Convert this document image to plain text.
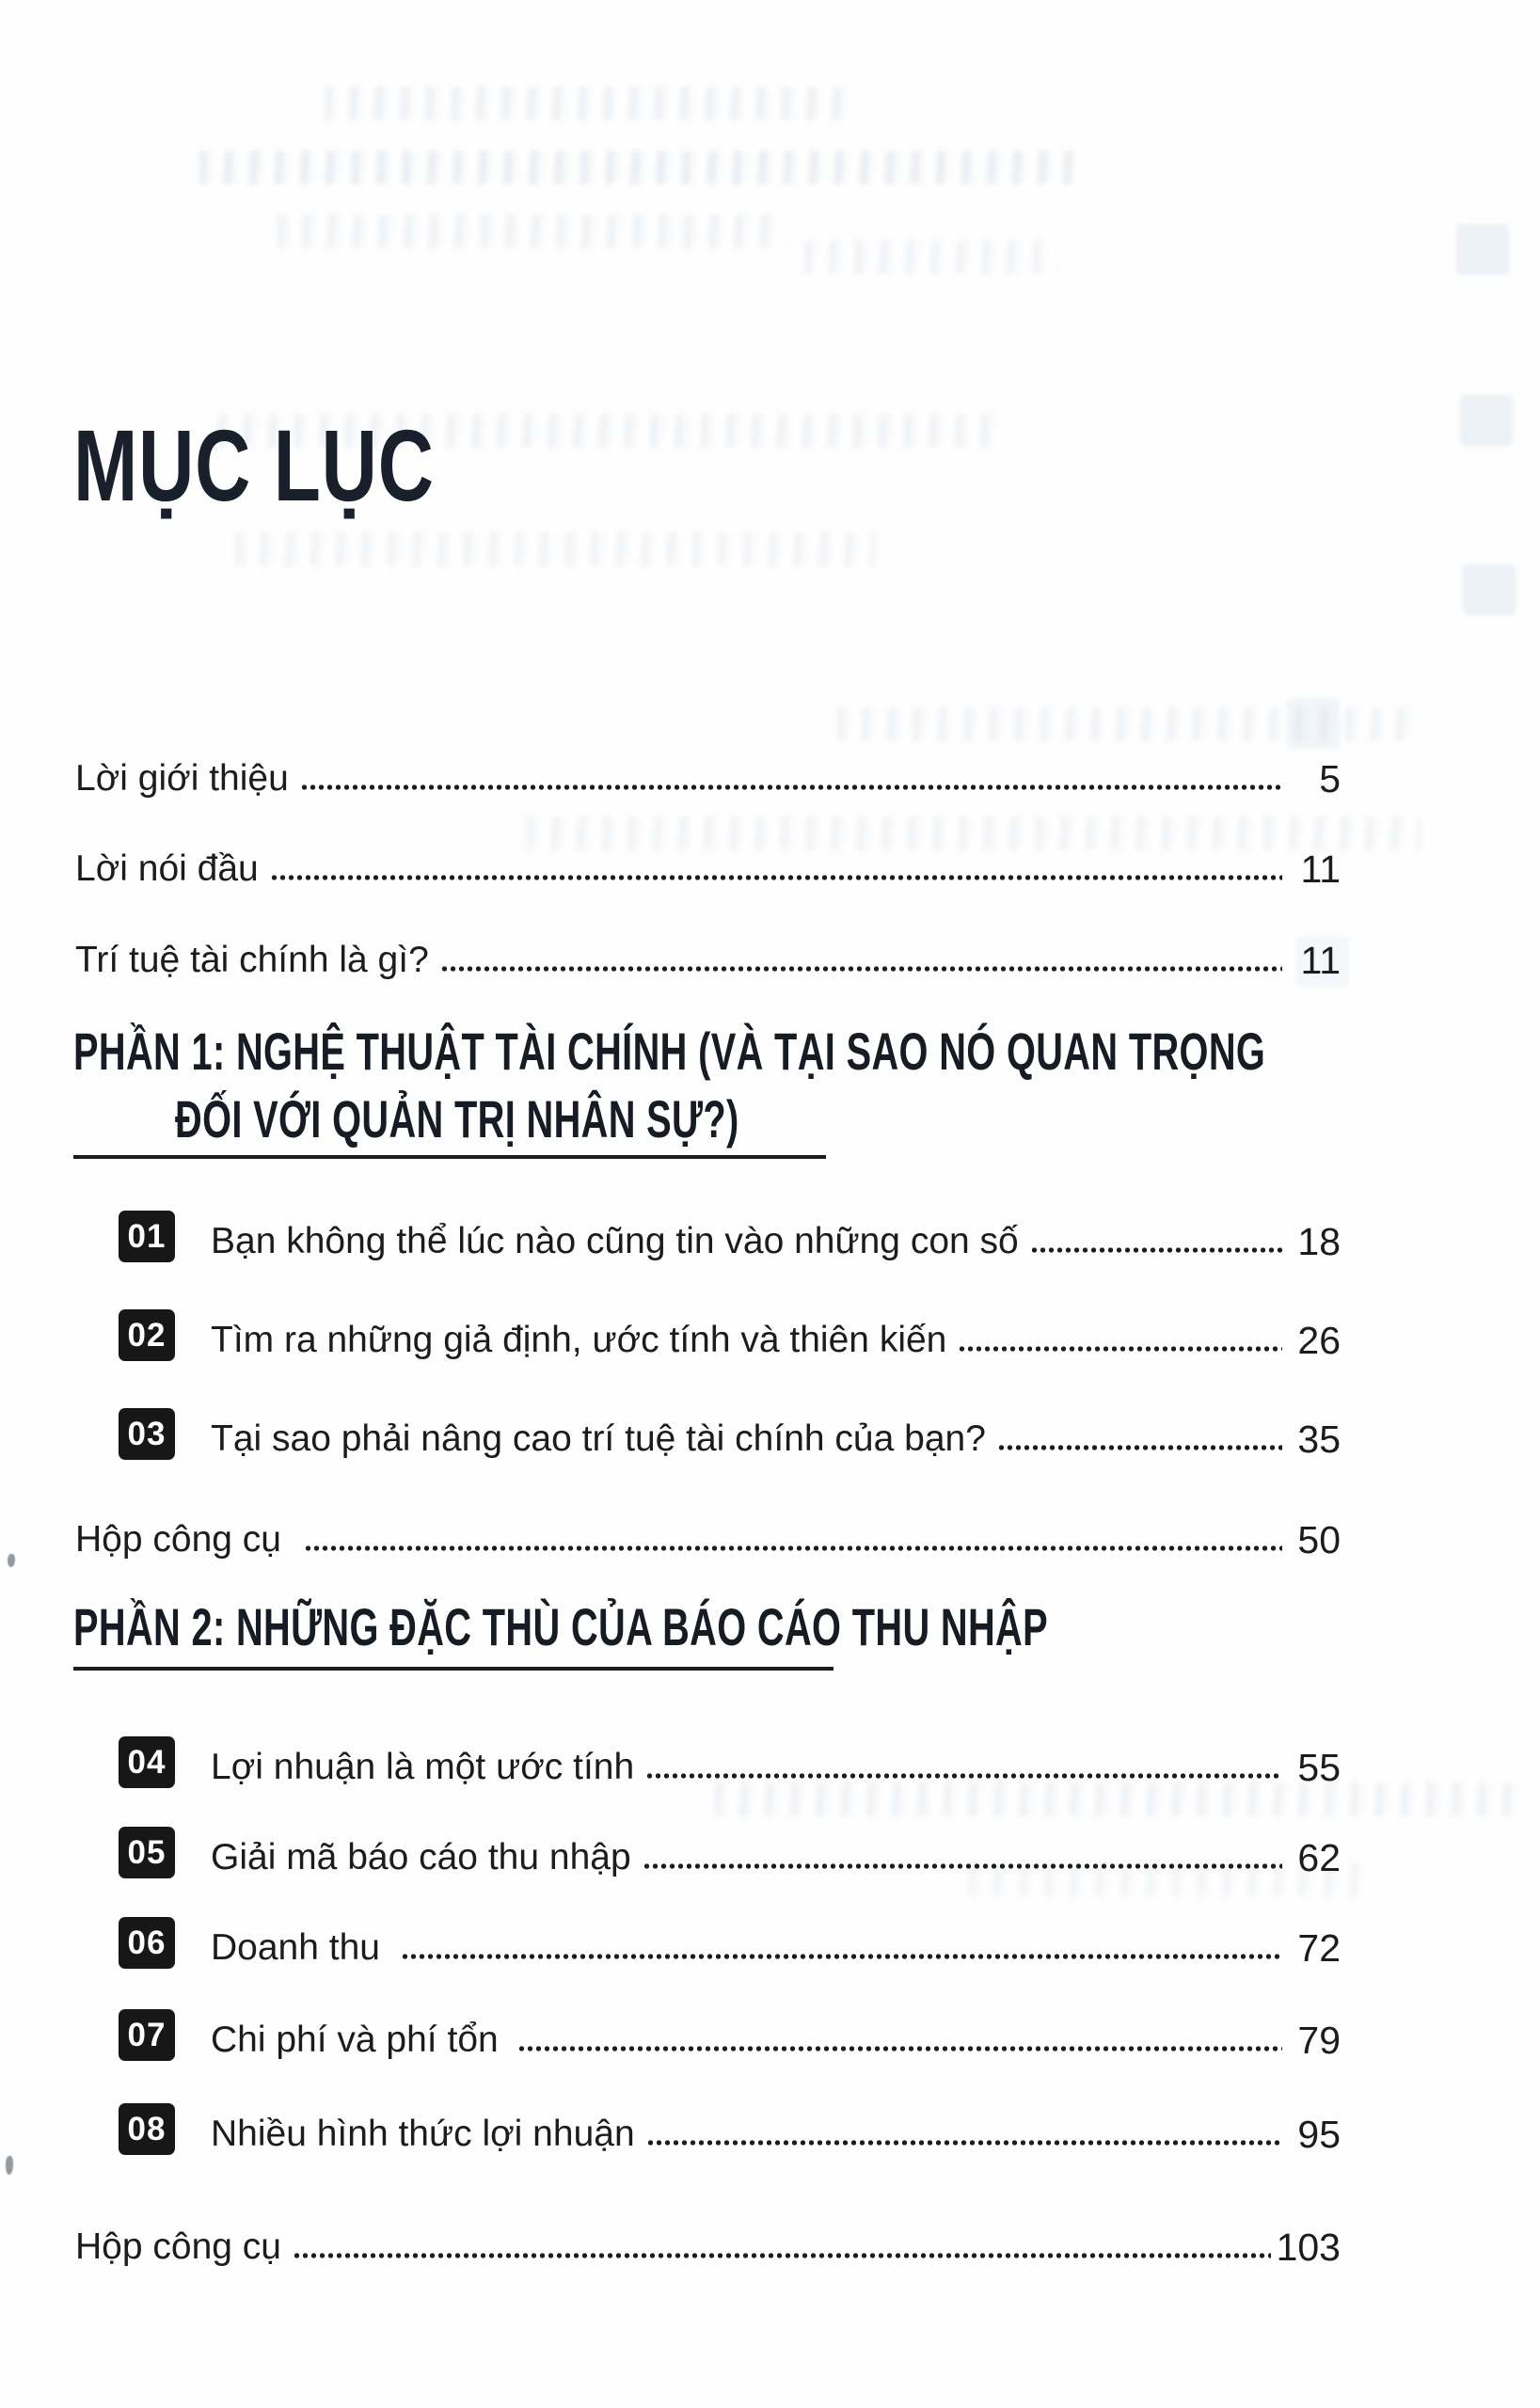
MỤC LỤC
Lời giới thiệu	5
Lời nói đầu	11
Trí tuệ tài chính là gì?	11
PHẦN 1: NGHỆ THUẬT TÀI CHÍNH (VÀ TẠI SAO NÓ QUAN TRỌNG
ĐỐI VỚI QUẢN TRỊ NHÂN SỰ?)
01 Bạn không thể lúc nào cũng tin vào những con số	18
02 Tìm ra những giả định, ước tính và thiên kiến	26
03 Tại sao phải nâng cao trí tuệ tài chính của bạn?	35
Hộp công cụ	50
PHẦN 2: NHỮNG ĐẶC THÙ CỦA BÁO CÁO THU NHẬP
04 Lợi nhuận là một ước tính	55
05 Giải mã báo cáo thu nhập	62
06 Doanh thu	72
07 Chi phí và phí tổn	79
08 Nhiều hình thức lợi nhuận	95
Hộp công cụ	103
